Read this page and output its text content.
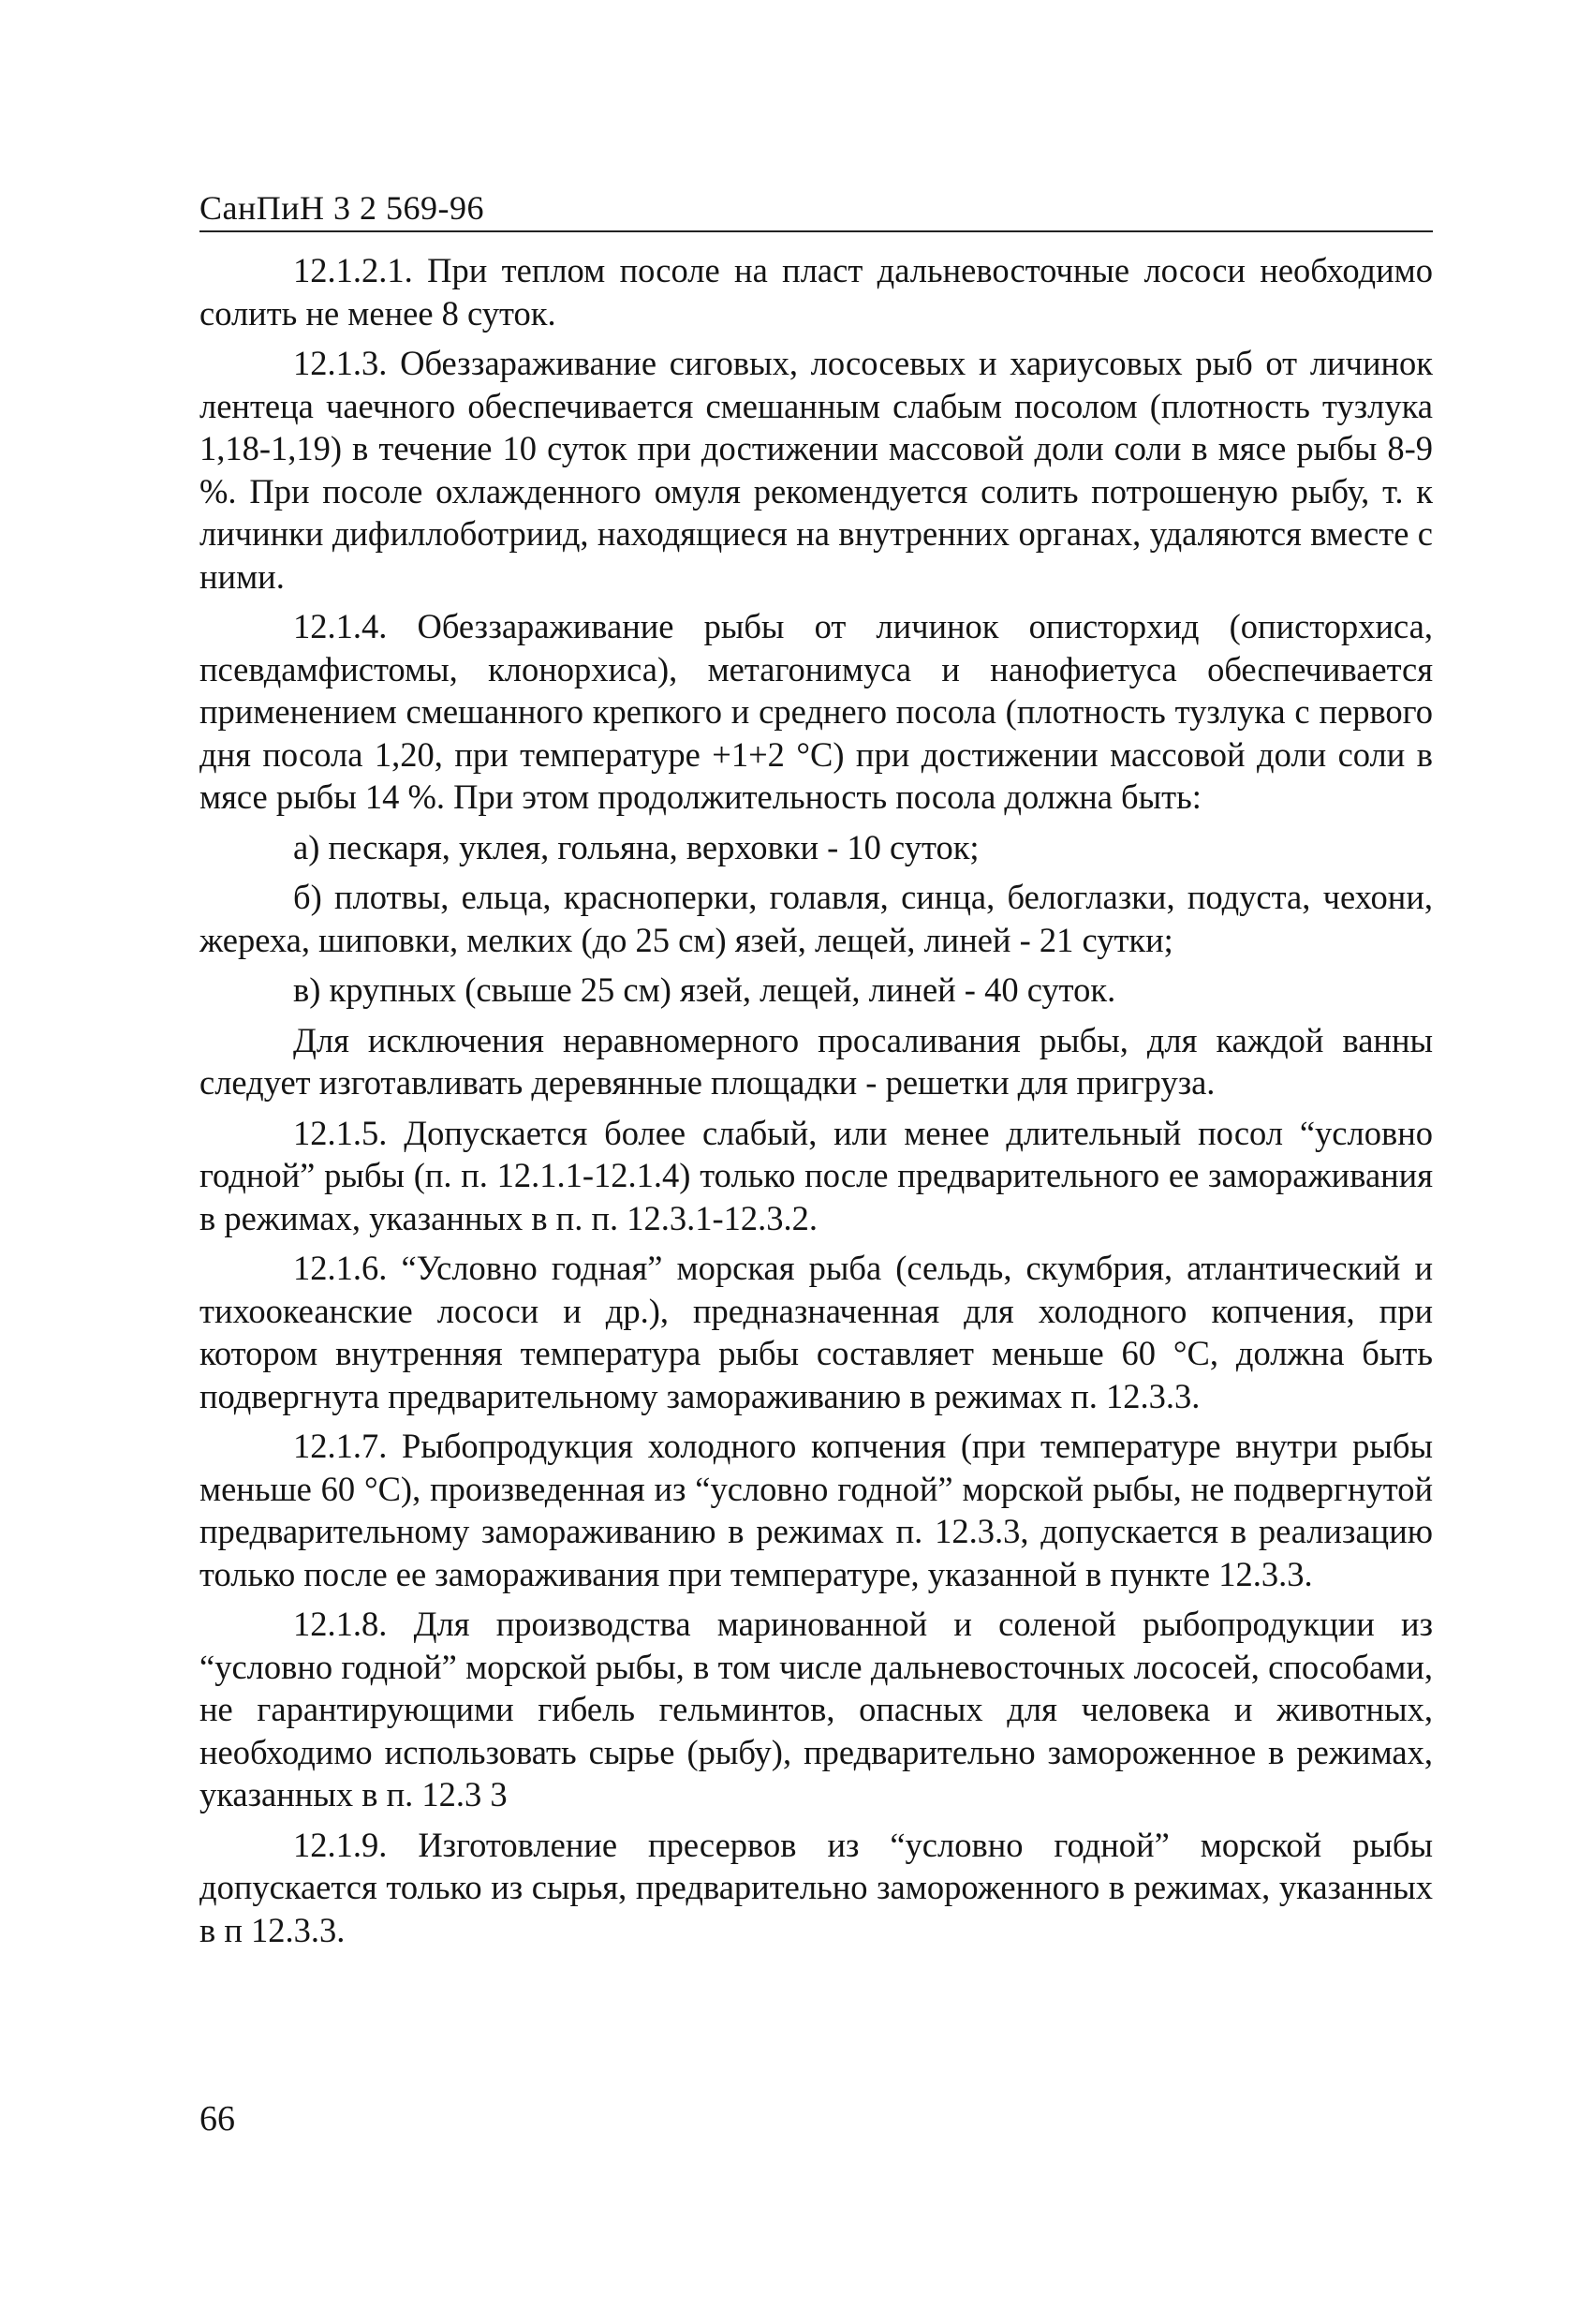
СанПиН 3 2 569-96

12.1.2.1. При теплом посоле на пласт дальневосточные лососи необходимо солить не менее 8 суток.

12.1.3. Обеззараживание сиговых, лососевых и хариусовых рыб от личинок лентеца чаечного обеспечивается смешанным слабым посолом (плотность тузлука 1,18-1,19) в течение 10 суток при достижении массовой доли соли в мясе рыбы 8-9 %. При посоле охлажденного омуля рекомендуется солить потрошеную рыбу, т. к личинки дифиллоботриид, находящиеся на внутренних органах, удаляются вместе с ними.

12.1.4. Обеззараживание рыбы от личинок описторхид (описторхиса, псевдамфистомы, клонорхиса), метагонимуса и нанофиетуса обеспечивается применением смешанного крепкого и среднего посола (плотность тузлука с первого дня посола 1,20, при температуре +1+2 °С) при достижении массовой доли соли в мясе рыбы 14 %. При этом продолжительность посола должна быть:

а) пескаря, уклея, гольяна, верховки - 10 суток;

б) плотвы, ельца, красноперки, голавля, синца, белоглазки, подуста, чехони, жереха, шиповки, мелких (до 25 см) язей, лещей, линей - 21 сутки;

в) крупных (свыше 25 см) язей, лещей, линей - 40 суток.

Для исключения неравномерного просаливания рыбы, для каждой ванны следует изготавливать деревянные площадки - решетки для пригруза.

12.1.5. Допускается более слабый, или менее длительный посол “условно годной” рыбы (п. п. 12.1.1-12.1.4) только после предварительного ее замораживания в режимах, указанных в п. п. 12.3.1-12.3.2.

12.1.6. “Условно годная” морская рыба (сельдь, скумбрия, атлантический и тихоокеанские лососи и др.), предназначенная для холодного копчения, при котором внутренняя температура рыбы составляет меньше 60 °С, должна быть подвергнута предварительному замораживанию в режимах п. 12.3.3.

12.1.7. Рыбопродукция холодного копчения (при температуре внутри рыбы меньше 60 °С), произведенная из “условно годной” морской рыбы, не подвергнутой предварительному замораживанию в режимах п. 12.3.3, допускается в реализацию только после ее замораживания при температуре, указанной в пункте 12.3.3.

12.1.8. Для производства маринованной и соленой рыбопродукции из “условно годной” морской рыбы, в том числе дальневосточных лососей, способами, не гарантирующими гибель гельминтов, опасных для человека и животных, необходимо использовать сырье (рыбу), предварительно замороженное в режимах, указанных в п. 12.3 3

12.1.9. Изготовление пресервов из “условно годной” морской рыбы допускается только из сырья, предварительно замороженного в режимах, указанных в п 12.3.3.

66
